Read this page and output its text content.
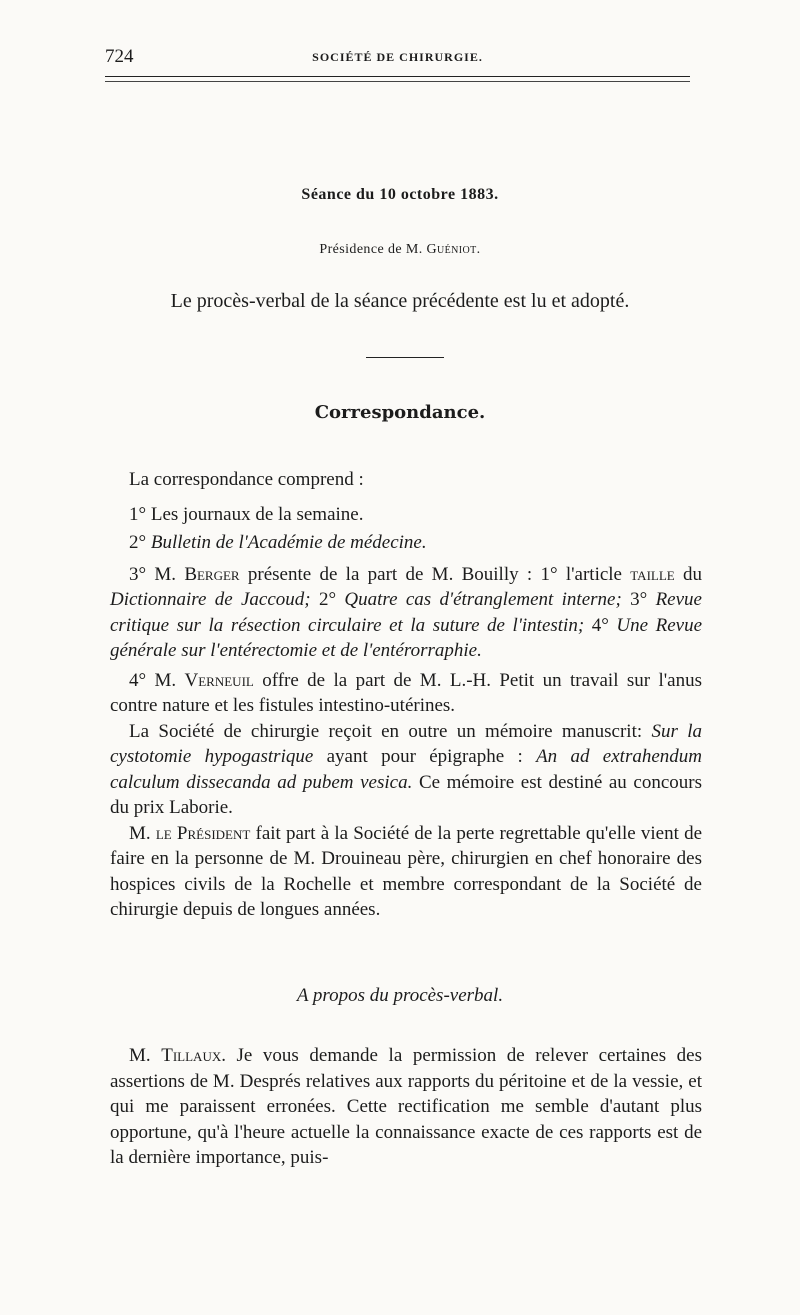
724	SOCIÉTÉ DE CHIRURGIE.
Séance du 10 octobre 1883.
Présidence de M. Guéniot.
Le procès-verbal de la séance précédente est lu et adopté.
Correspondance.

La correspondance comprend :

1° Les journaux de la semaine.

2° Bulletin de l'Académie de médecine.

3° M. Berger présente de la part de M. Bouilly : 1° l'article taille du Dictionnaire de Jaccoud; 2° Quatre cas d'étranglement interne; 3° Revue critique sur la résection circulaire et la suture de l'intestin; 4° Une Revue générale sur l'entérectomie et de l'entérorraphie.

4° M. Verneuil offre de la part de M. L.-H. Petit un travail sur l'anus contre nature et les fistules intestino-utérines.

La Société de chirurgie reçoit en outre un mémoire manuscrit: Sur la cystotomie hypogastrique ayant pour épigraphe : An ad extrahendum calculum dissecanda ad pubem vesica. Ce mémoire est destiné au concours du prix Laborie.

M. le Président fait part à la Société de la perte regrettable qu'elle vient de faire en la personne de M. Drouineau père, chirurgien en chef honoraire des hospices civils de la Rochelle et membre correspondant de la Société de chirurgie depuis de longues années.

A propos du procès-verbal.

M. Tillaux. Je vous demande la permission de relever certaines des assertions de M. Després relatives aux rapports du péritoine et de la vessie, et qui me paraissent erronées. Cette rectification me semble d'autant plus opportune, qu'à l'heure actuelle la connaissance exacte de ces rapports est de la dernière importance, puis-
